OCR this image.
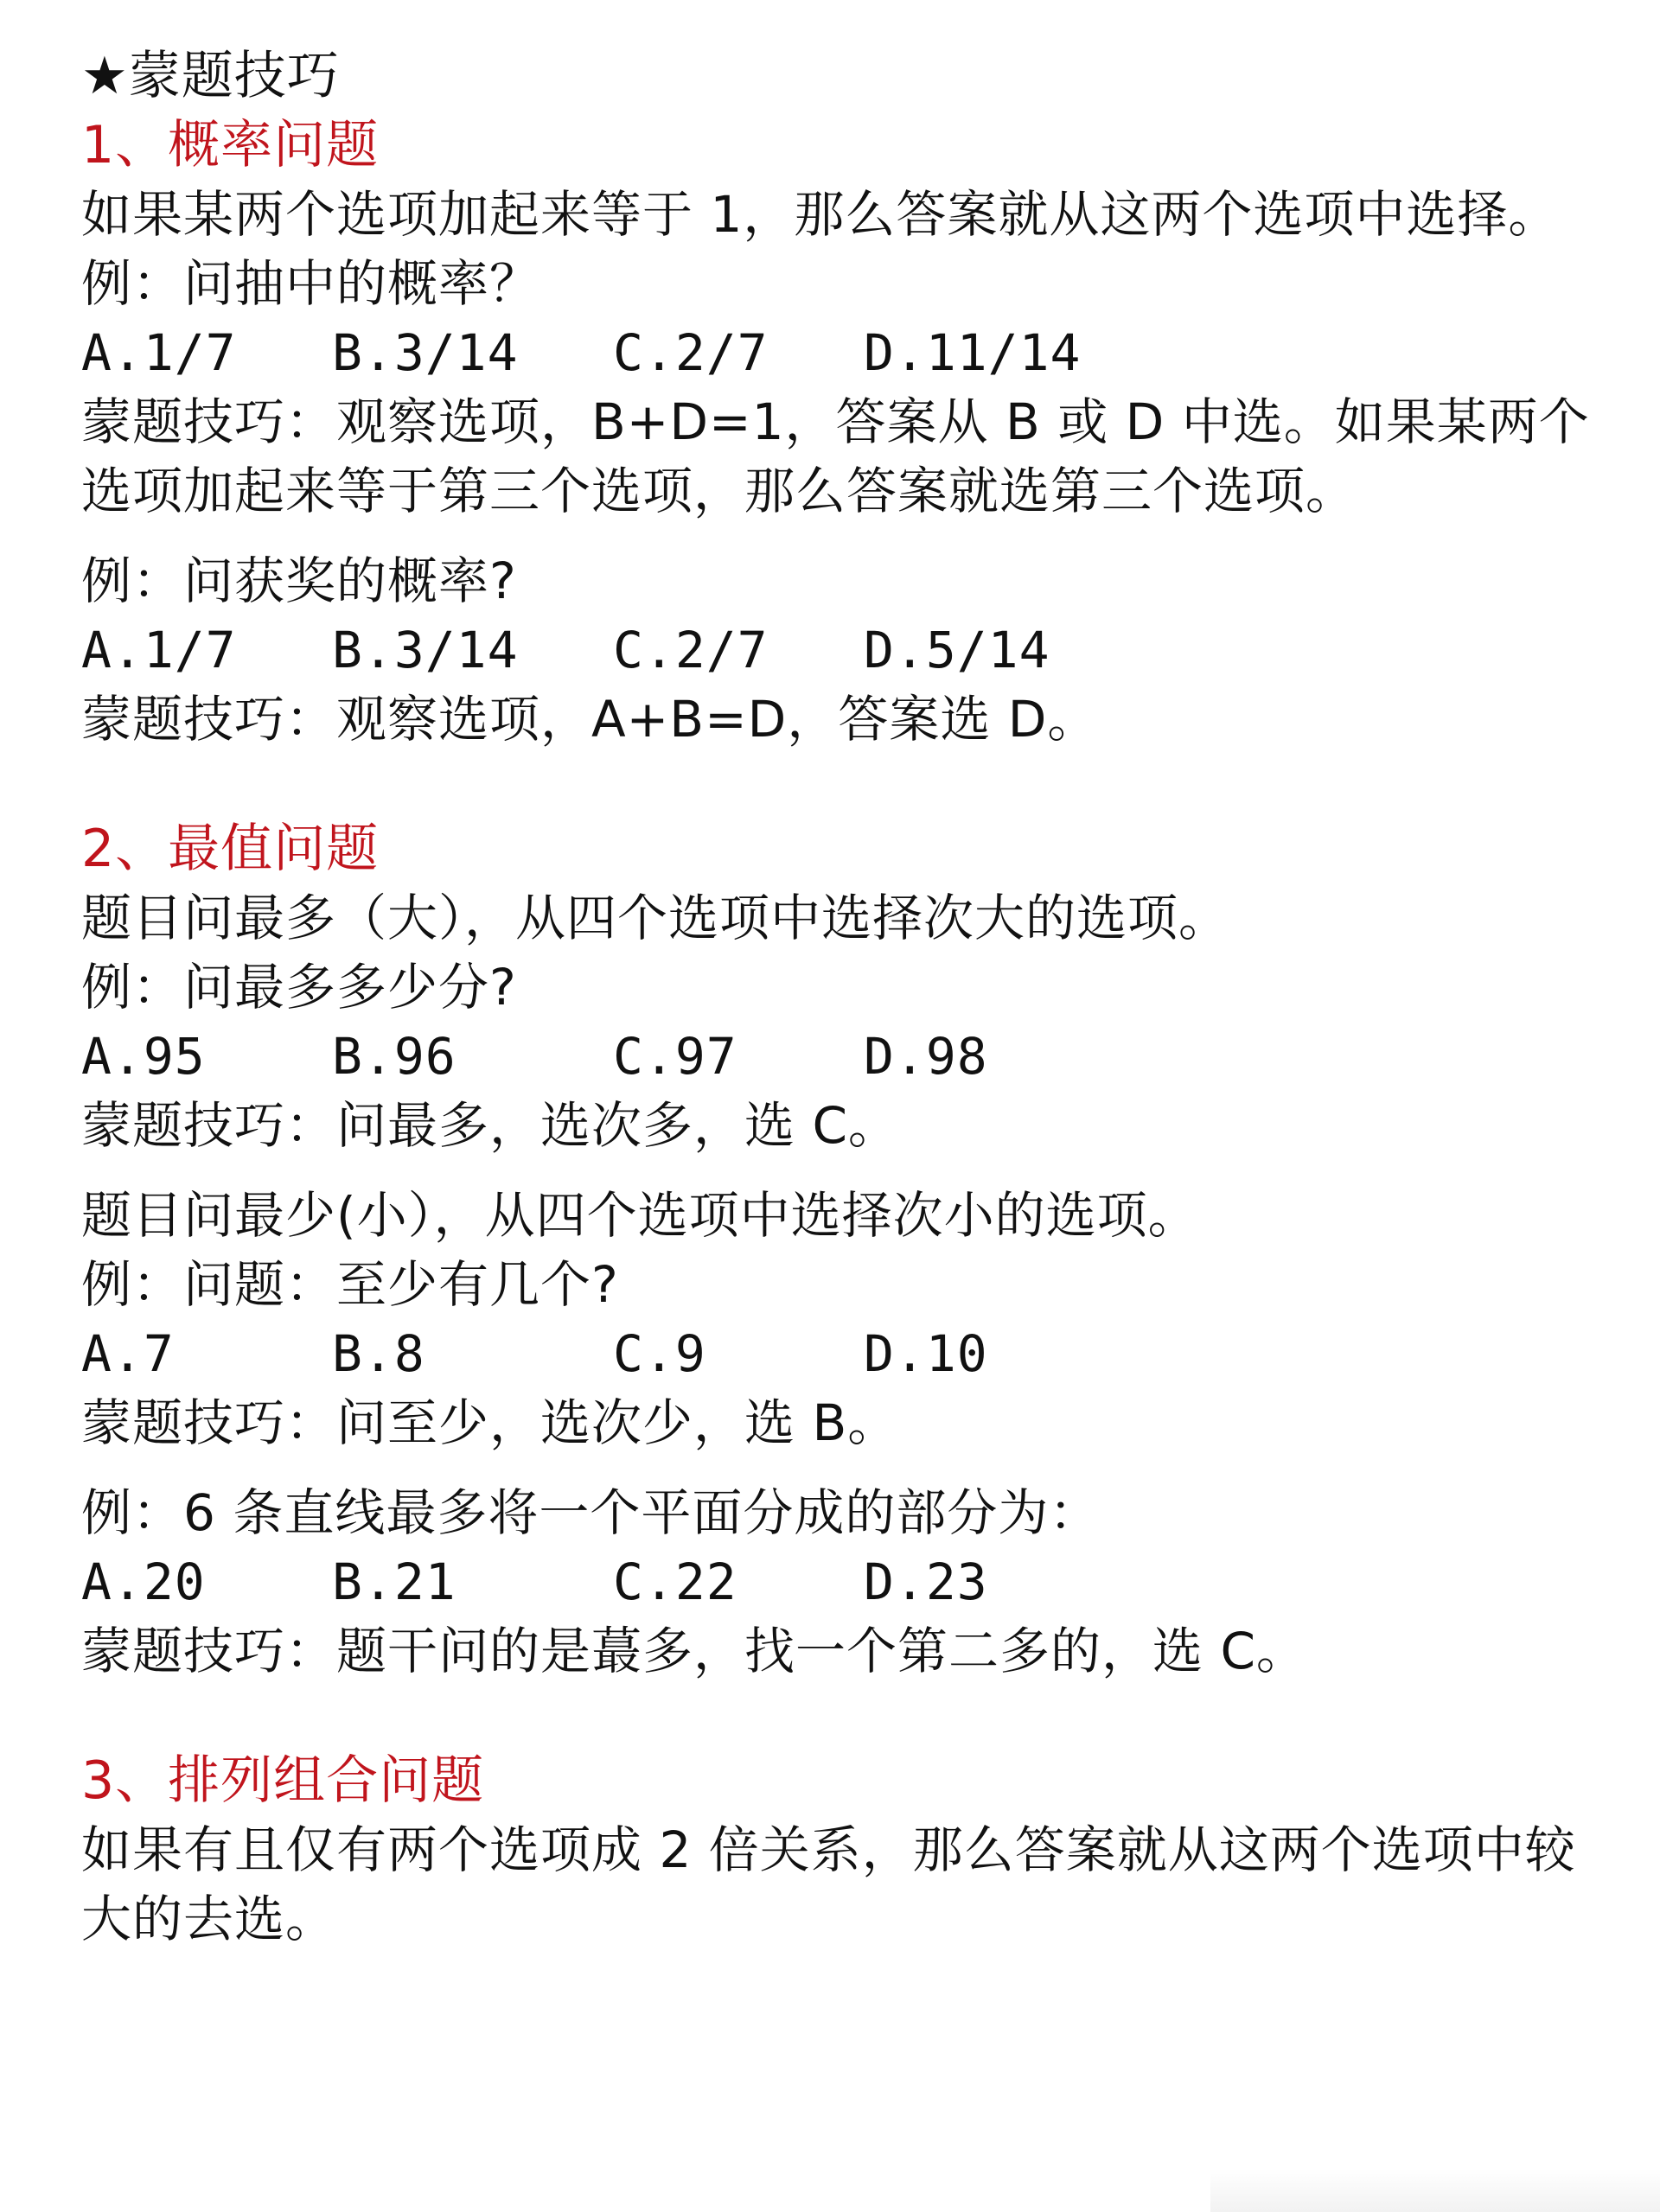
★蒙题技巧
1、概率问题
如果某两个选项加起来等于 1，那么答案就从这两个选项中选择。例：问抽中的概率？
A.1/7	B.3/14	C.2/7	D.11/14
蒙题技巧：观察选项，B+D=1，答案从 B 或 D 中选。如果某两个选项加起来等于第三个选项，那么答案就选第三个选项。
例：问获奖的概率?
A.1/7	B.3/14	C.2/7	D.5/14
蒙题技巧：观察选项，A+B=D，答案选 D。
2、最值问题
题目问最多（大），从四个选项中选择次大的选项。
例：问最多多少分?
A.95	B.96	C.97	D.98
蒙题技巧：问最多，选次多，选 C。
题目问最少(小），从四个选项中选择次小的选项。
例：问题：至少有几个?
A.7	B.8	C.9	D.10
蒙题技巧：问至少，选次少，选 B。
例：6 条直线最多将一个平面分成的部分为：
A.20	B.21	C.22	D.23
蒙题技巧：题干问的是蕞多，找一个第二多的，选 C。
3、排列组合问题
如果有且仅有两个选项成 2 倍关系，那么答案就从这两个选项中较大的去选。
